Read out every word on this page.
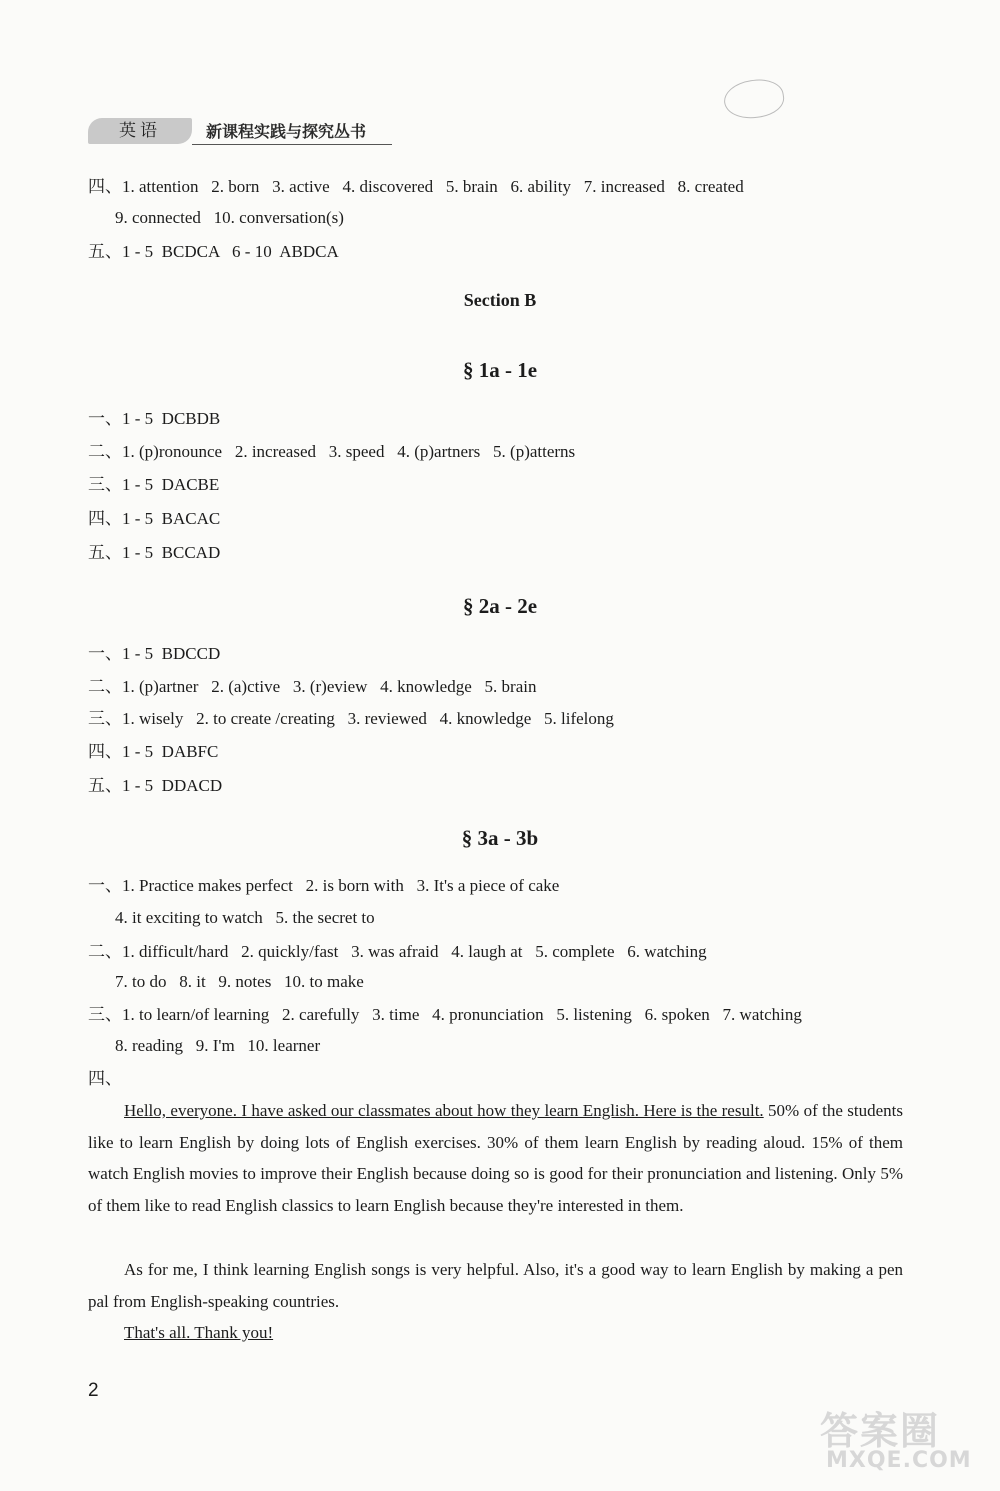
英语	新课程实践与探究丛书
四、1. attention   2. born   3. active   4. discovered   5. brain   6. ability   7. increased   8. created
9. connected   10. conversation(s)
五、1 - 5  BCDCA   6 - 10  ABDCA
Section B
§ 1a - 1e
一、1 - 5  DCBDB
二、1. (p)ronounce   2. increased   3. speed   4. (p)artners   5. (p)atterns
三、1 - 5  DACBE
四、1 - 5  BACAC
五、1 - 5  BCCAD
§ 2a - 2e
一、1 - 5  BDCCD
二、1. (p)artner   2. (a)ctive   3. (r)eview   4. knowledge   5. brain
三、1. wisely   2. to create /creating   3. reviewed   4. knowledge   5. lifelong
四、1 - 5  DABFC
五、1 - 5  DDACD
§ 3a - 3b
一、1. Practice makes perfect   2. is born with   3. It's a piece of cake
4. it exciting to watch   5. the secret to
二、1. difficult/hard   2. quickly/fast   3. was afraid   4. laugh at   5. complete   6. watching
7. to do   8. it   9. notes   10. to make
三、1. to learn/of learning   2. carefully   3. time   4. pronunciation   5. listening   6. spoken   7. watching
8. reading   9. I'm   10. learner
四、
Hello, everyone. I have asked our classmates about how they learn English. Here is the result. 50% of the students like to learn English by doing lots of English exercises. 30% of them learn English by reading aloud. 15% of them watch English movies to improve their English because doing so is good for their pronunciation and listening. Only 5% of them like to read English classics to learn English because they're interested in them.
As for me, I think learning English songs is very helpful. Also, it's a good way to learn English by making a pen pal from English-speaking countries.
That's all. Thank you!
2
答案圈
MXQE.COM
